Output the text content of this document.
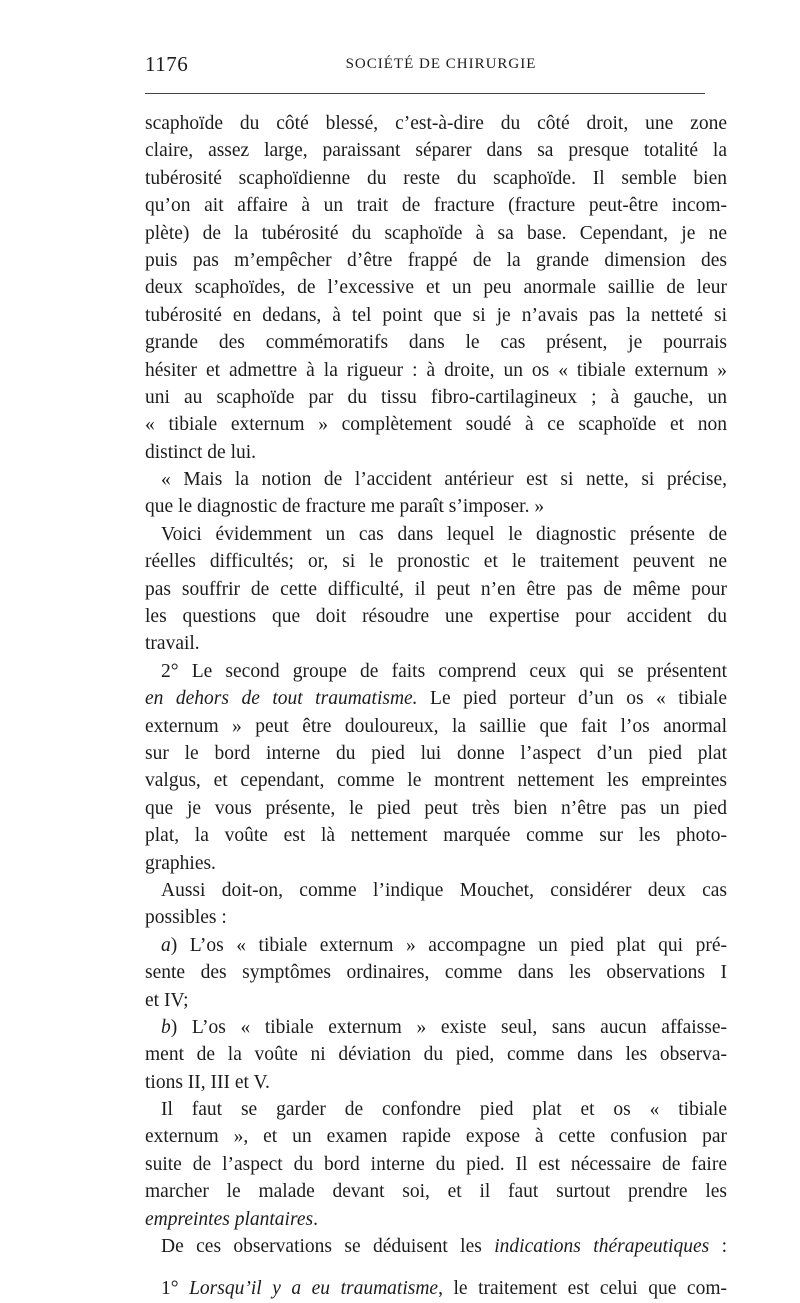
1176	SOCIÉTÉ DE CHIRURGIE
scaphoïde du côté blessé, c’est-à-dire du côté droit, une zone
claire, assez large, paraissant séparer dans sa presque totalité la
tubérosité scaphoïdienne du reste du scaphoïde. Il semble bien
qu’on ait affaire à un trait de fracture (fracture peut-être incom-
plète) de la tubérosité du scaphoïde à sa base. Cependant, je ne
puis pas m’empêcher d’être frappé de la grande dimension des
deux scaphoïdes, de l’excessive et un peu anormale saillie de leur
tubérosité en dedans, à tel point que si je n’avais pas la netteté si
grande des commémoratifs dans le cas présent, je pourrais
hésiter et admettre à la rigueur : à droite, un os « tibiale externum »
uni au scaphoïde par du tissu fibro-cartilagineux ; à gauche, un
« tibiale externum » complètement soudé à ce scaphoïde et non
distinct de lui.
« Mais la notion de l’accident antérieur est si nette, si précise,
que le diagnostic de fracture me paraît s’imposer. »
Voici évidemment un cas dans lequel le diagnostic présente de
réelles difficultés; or, si le pronostic et le traitement peuvent ne
pas souffrir de cette difficulté, il peut n’en être pas de même pour
les questions que doit résoudre une expertise pour accident du
travail.
2° Le second groupe de faits comprend ceux qui se présentent
en dehors de tout traumatisme. Le pied porteur d’un os « tibiale
externum » peut être douloureux, la saillie que fait l’os anormal
sur le bord interne du pied lui donne l’aspect d’un pied plat
valgus, et cependant, comme le montrent nettement les empreintes
que je vous présente, le pied peut très bien n’être pas un pied
plat, la voûte est là nettement marquée comme sur les photo-
graphies.
Aussi doit-on, comme l’indique Mouchet, considérer deux cas
possibles :
a) L’os « tibiale externum » accompagne un pied plat qui pré-
sente des symptômes ordinaires, comme dans les observations I
et IV;
b) L’os « tibiale externum » existe seul, sans aucun affaisse-
ment de la voûte ni déviation du pied, comme dans les observa-
tions II, III et V.
Il faut se garder de confondre pied plat et os « tibiale
externum », et un examen rapide expose à cette confusion par
suite de l’aspect du bord interne du pied. Il est nécessaire de faire
marcher le malade devant soi, et il faut surtout prendre les
empreintes plantaires.
De ces observations se déduisent les indications thérapeutiques :
1° Lorsqu’il y a eu traumatisme, le traitement est celui que com-
